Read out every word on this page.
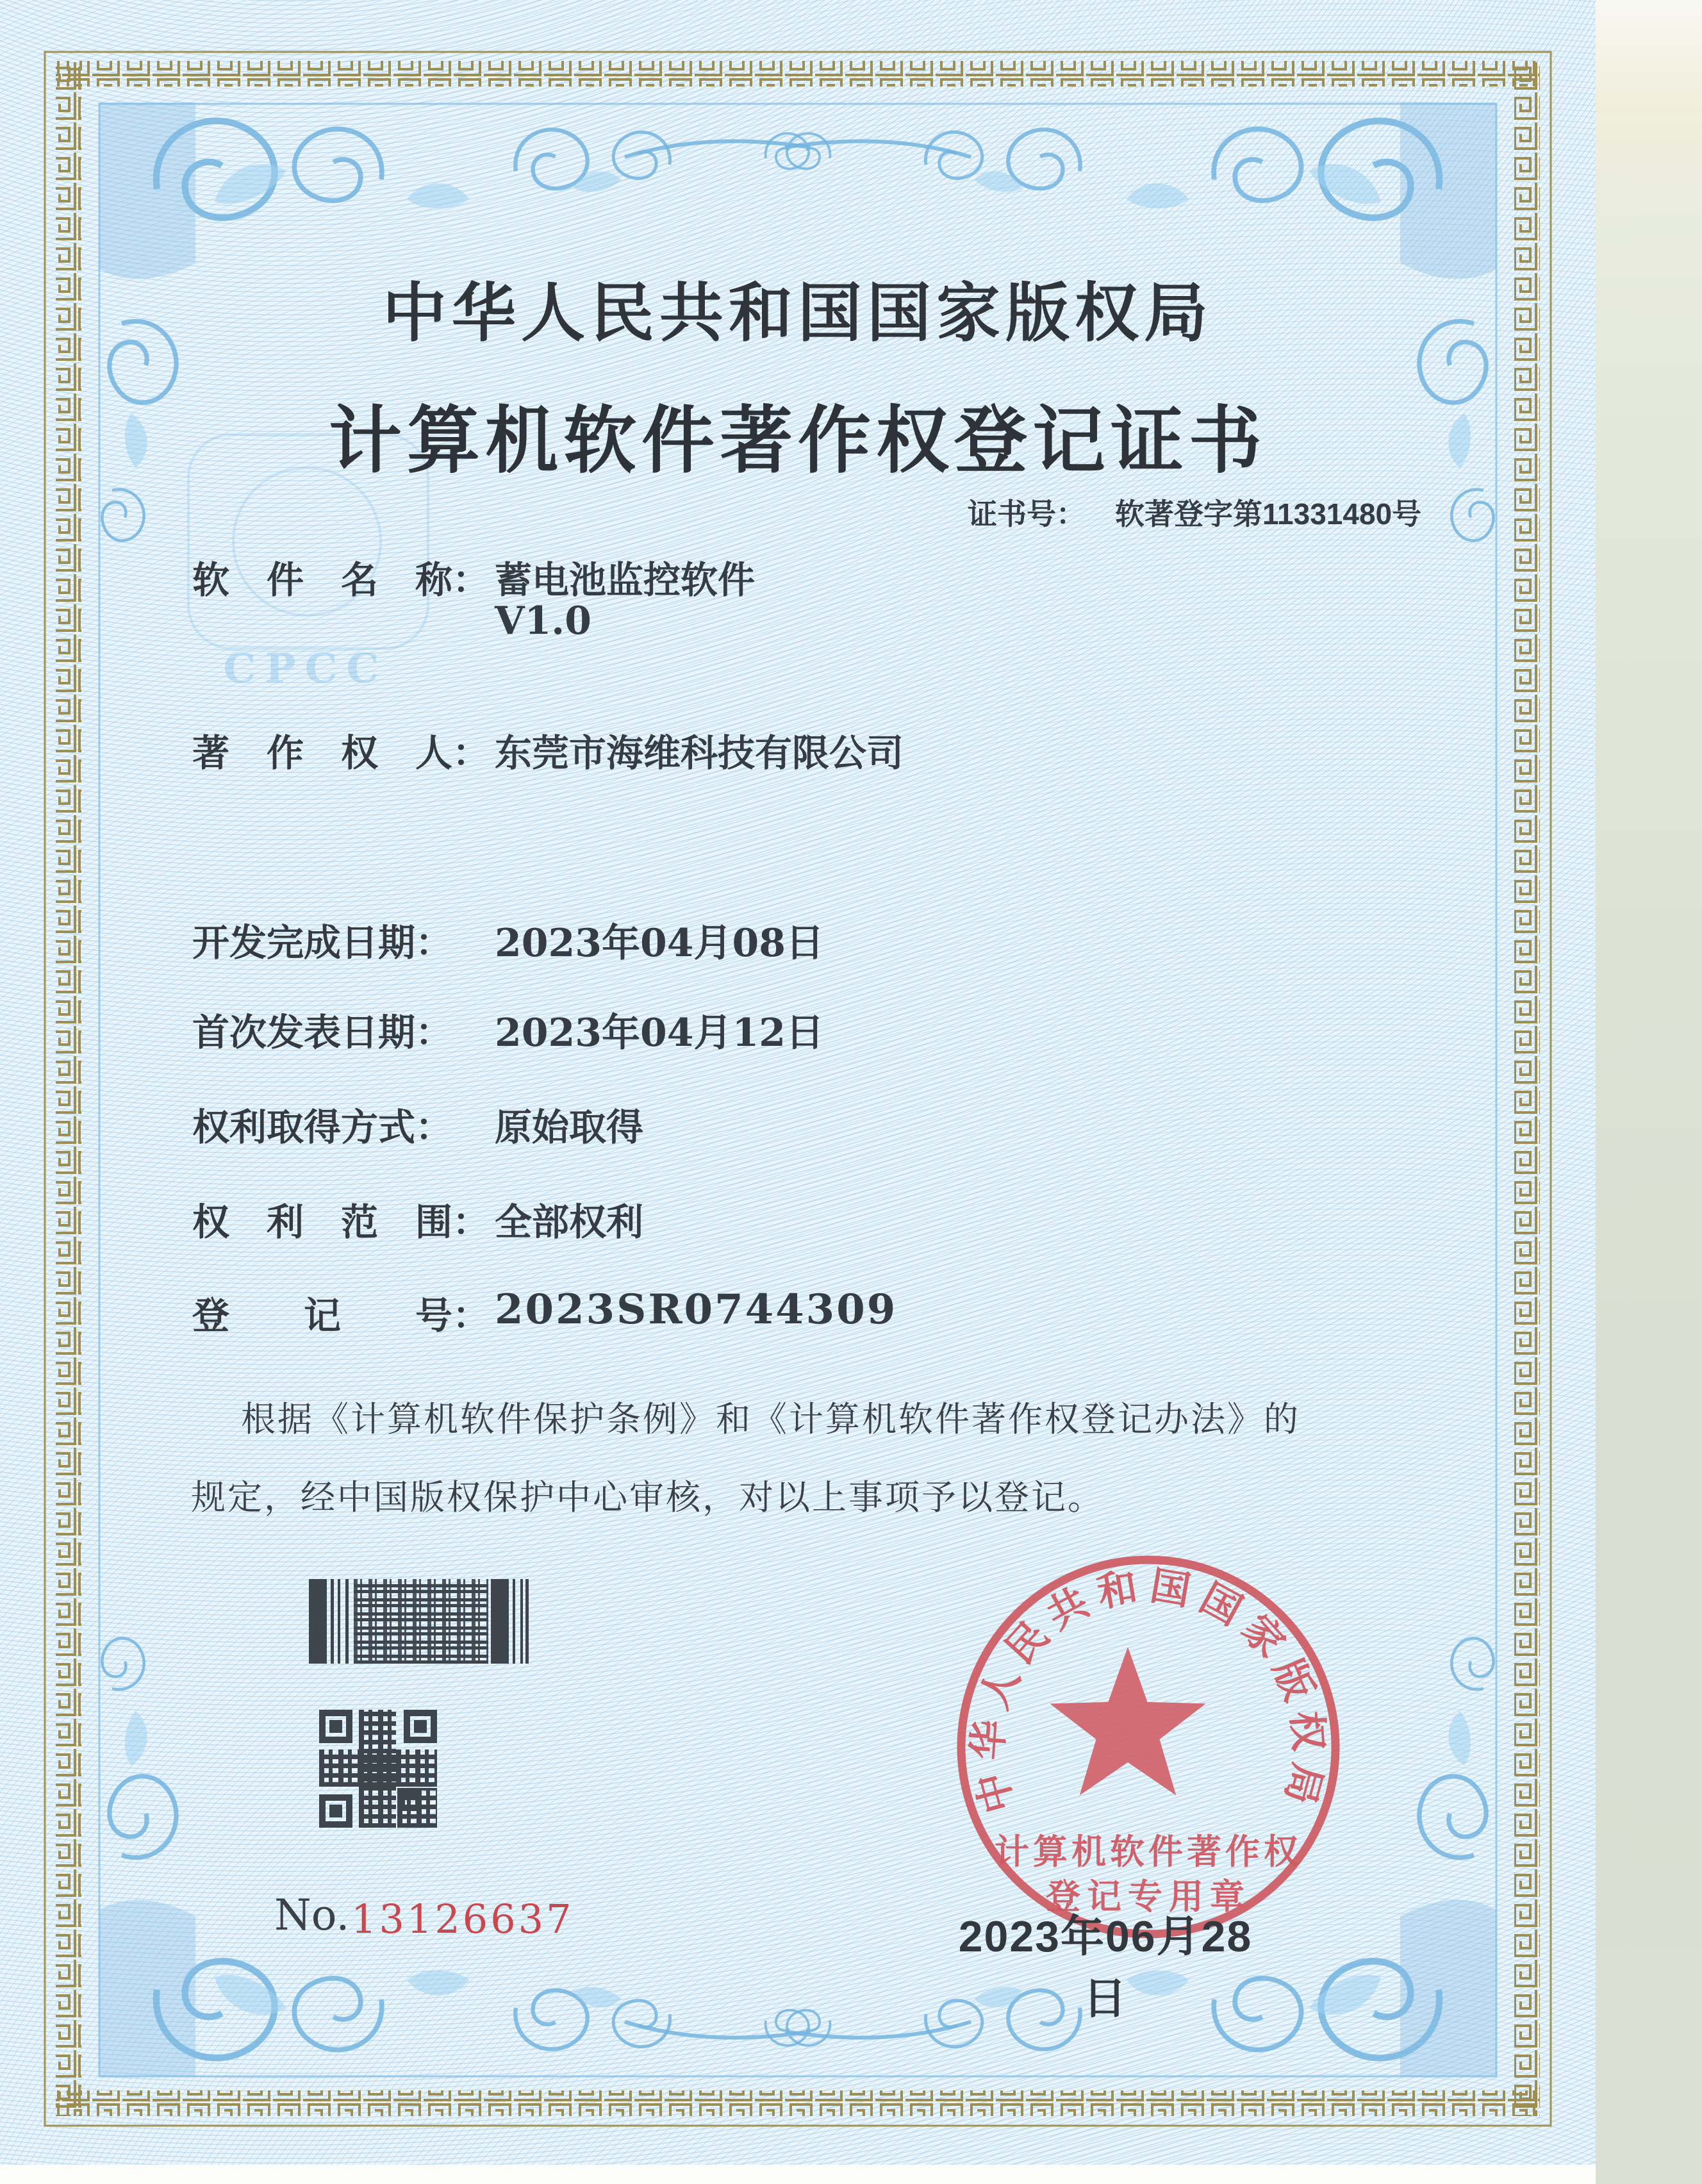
CPCC
中华人民共和国国家版权局
计算机软件著作权登记证书
证书号： 软著登字第11331480号
软　件　名　称： 蓄电池监控软件
V1.0
著　作　权　人： 东莞市海维科技有限公司
开发完成日期：	2023年04月08日
首次发表日期：	2023年04月12日
权利取得方式：	原始取得
权　利　范　围： 全部权利
登　　记　　号： 2023SR0744309
根据《计算机软件保护条例》和《计算机软件著作权登记办法》的
规定，经中国版权保护中心审核，对以上事项予以登记。
中华人民共和国国家版权局
计算机软件著作权
登记专用章
No. 13126637	2023年06月28日
